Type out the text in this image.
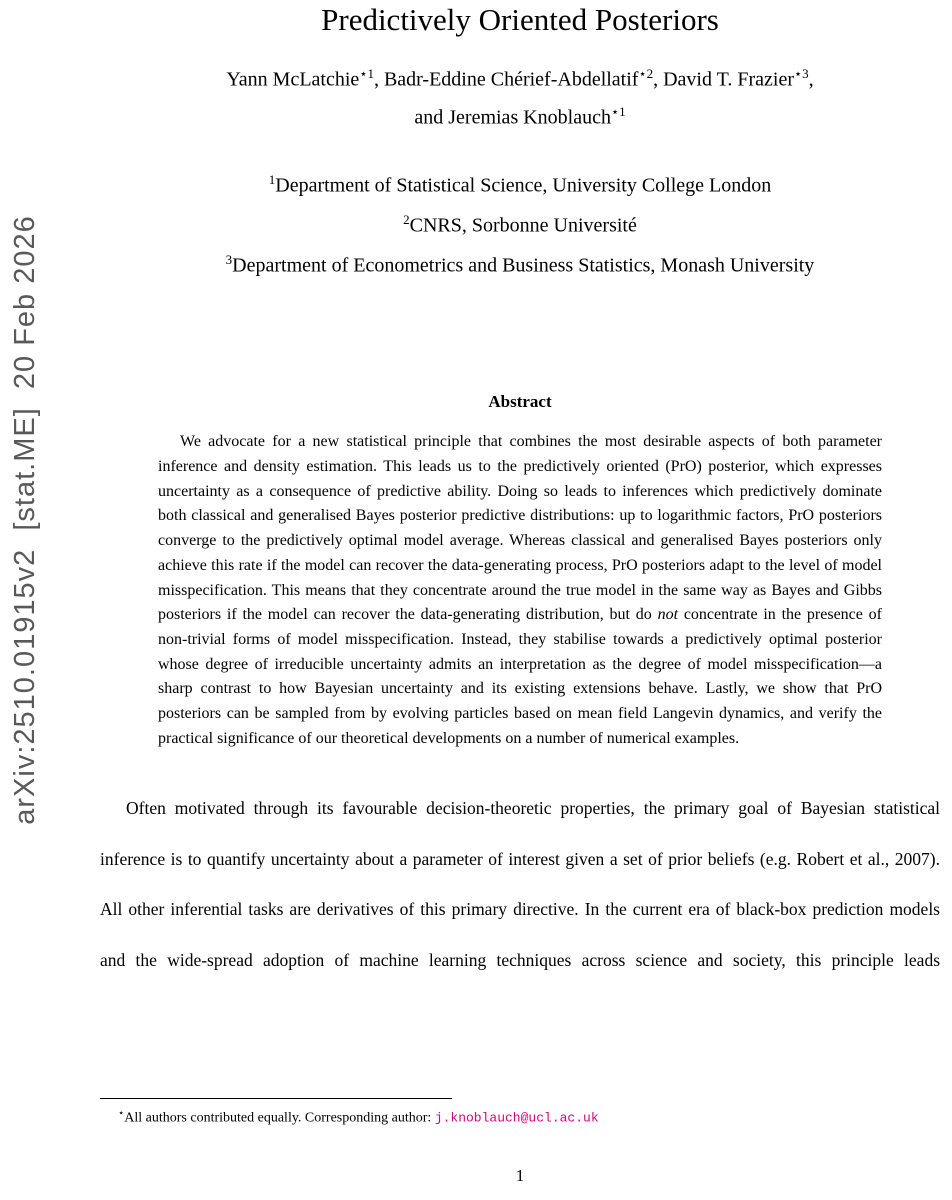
arXiv:2510.01915v2  [stat.ME]  20 Feb 2026
Predictively Oriented Posteriors
Yann McLatchie$^{⋆1}$, Badr-Eddine Chérief-Abdellatif$^{⋆2}$, David T. Frazier$^{⋆3}$,
and Jeremias Knoblauch$^{⋆1}$
$^1$Department of Statistical Science, University College London
$^2$CNRS, Sorbonne Université
$^3$Department of Econometrics and Business Statistics, Monash University
Abstract

We advocate for a new statistical principle that combines the most desirable aspects of both parameter inference and density estimation. This leads us to the predictively oriented (PrO) posterior, which expresses uncertainty as a consequence of predictive ability. Doing so leads to inferences which predictively dominate both classical and generalised Bayes posterior predictive distributions: up to logarithmic factors, PrO posteriors converge to the predictively optimal model average. Whereas classical and generalised Bayes posteriors only achieve this rate if the model can recover the data-generating process, PrO posteriors adapt to the level of model misspecification. This means that they concentrate around the true model in the same way as Bayes and Gibbs posteriors if the model can recover the data-generating distribution, but do not concentrate in the presence of non-trivial forms of model misspecification. Instead, they stabilise towards a predictively optimal posterior whose degree of irreducible uncertainty admits an interpretation as the degree of model misspecification—a sharp contrast to how Bayesian uncertainty and its existing extensions behave. Lastly, we show that PrO posteriors can be sampled from by evolving particles based on mean field Langevin dynamics, and verify the practical significance of our theoretical developments on a number of numerical examples.

Often motivated through its favourable decision-theoretic properties, the primary goal of Bayesian statistical inference is to quantify uncertainty about a parameter of interest given a set of prior beliefs (e.g. Robert et al., 2007). All other inferential tasks are derivatives of this primary directive. In the current era of black-box prediction models and the wide-spread adoption of machine learning techniques across science and society, this principle leads

⋆All authors contributed equally. Corresponding author: j.knoblauch@ucl.ac.uk
1
